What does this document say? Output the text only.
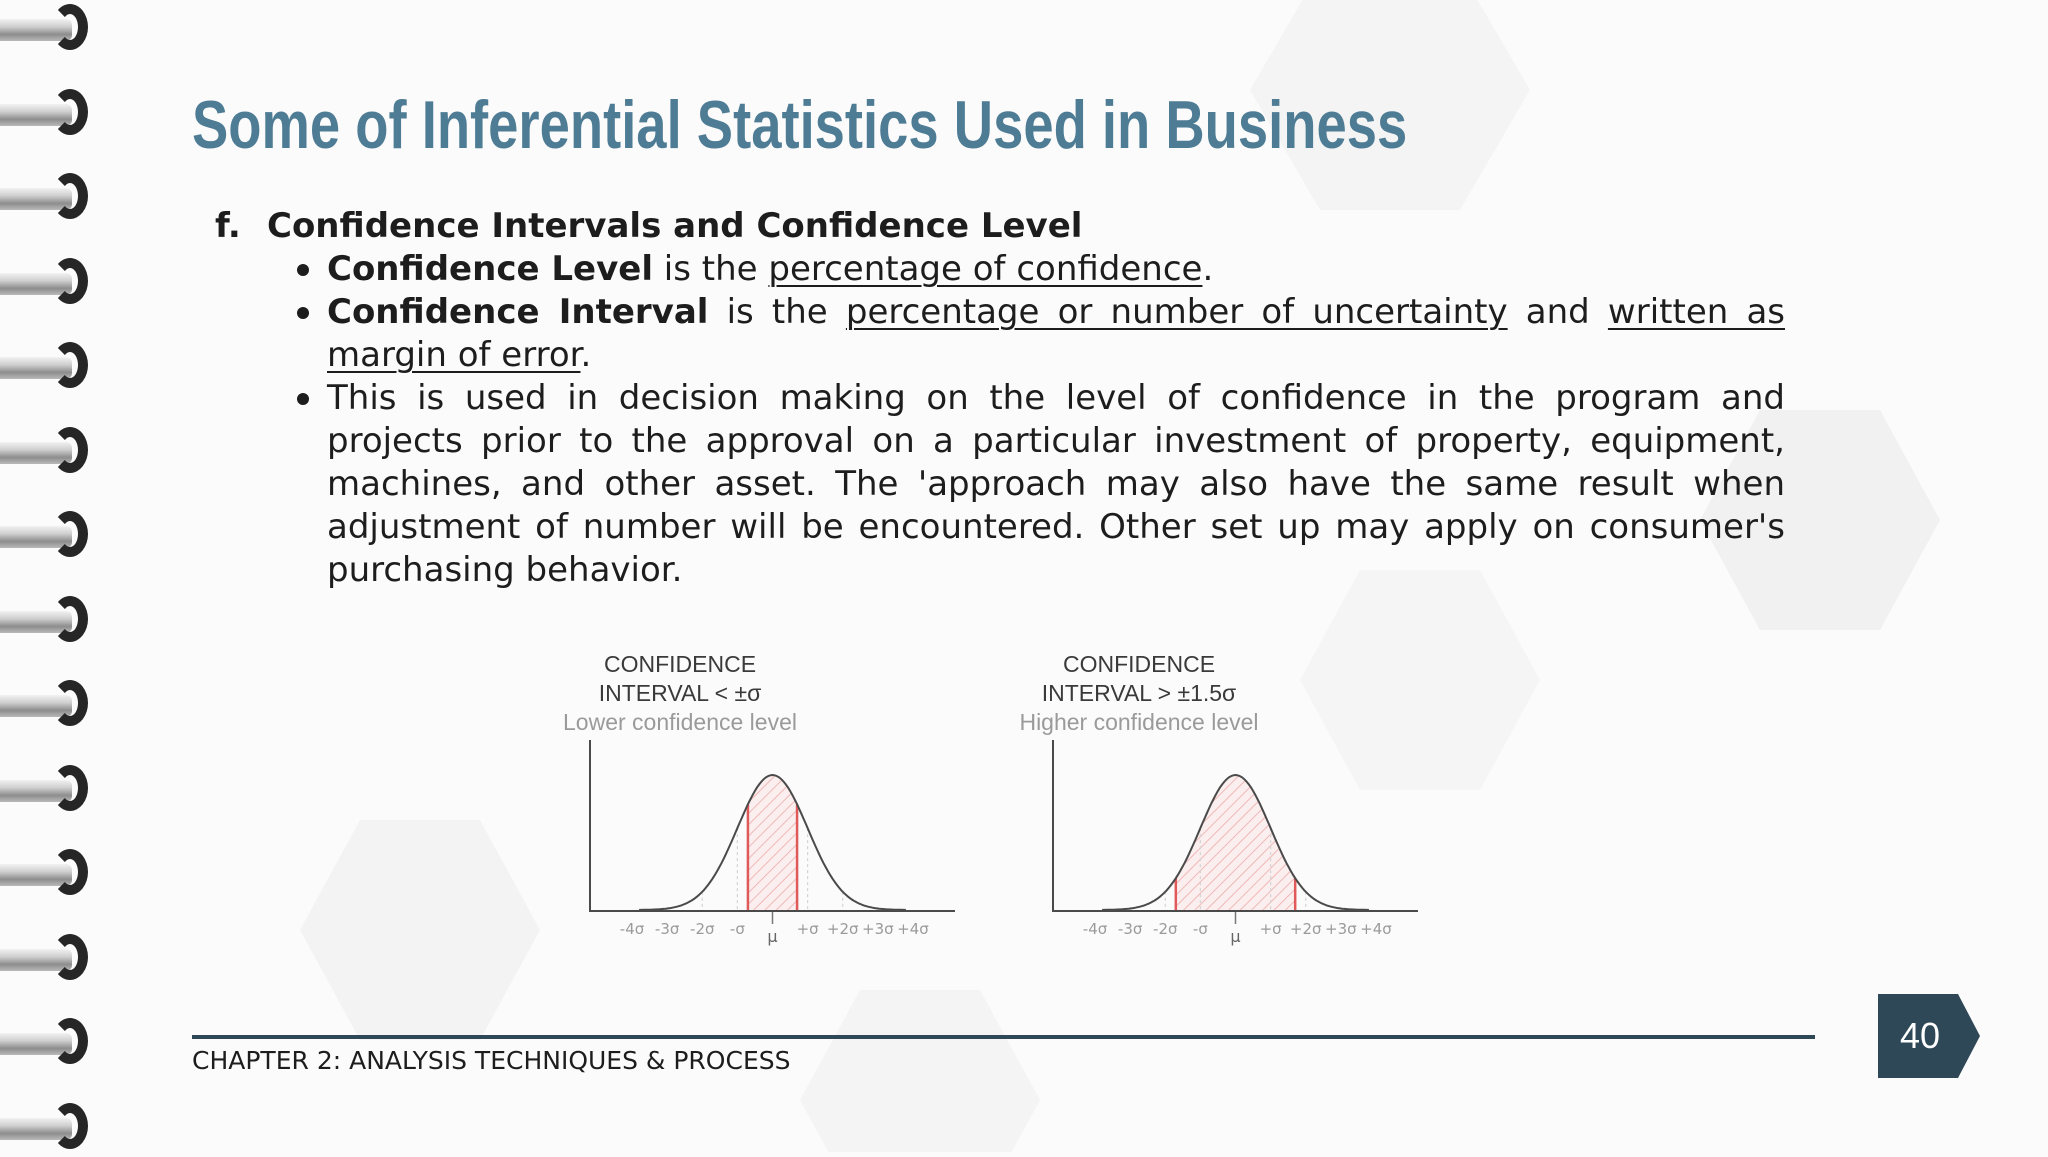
Some of Inferential Statistics Used in Business
f. Confidence Intervals and Confidence Level
Confidence Level is the percentage of confidence.
Confidence Interval is the percentage or number of uncertainty and written as margin of error.
This is used in decision making on the level of confidence in the program and projects prior to the approval on a particular investment of property, equipment, machines, and other asset. The 'approach may also have the same result when adjustment of number will be encountered. Other set up may apply on consumer's purchasing behavior.
CONFIDENCE
INTERVAL < ±σ
Lower confidence level
CONFIDENCE
INTERVAL > ±1.5σ
Higher confidence level
-4σ -3σ -2σ -σ	+σ +2σ +3σ +4σ
μ	-4σ -3σ -2σ -σ	+σ +2σ +3σ +4σ
μ
CHAPTER 2: ANALYSIS TECHNIQUES & PROCESS
40
